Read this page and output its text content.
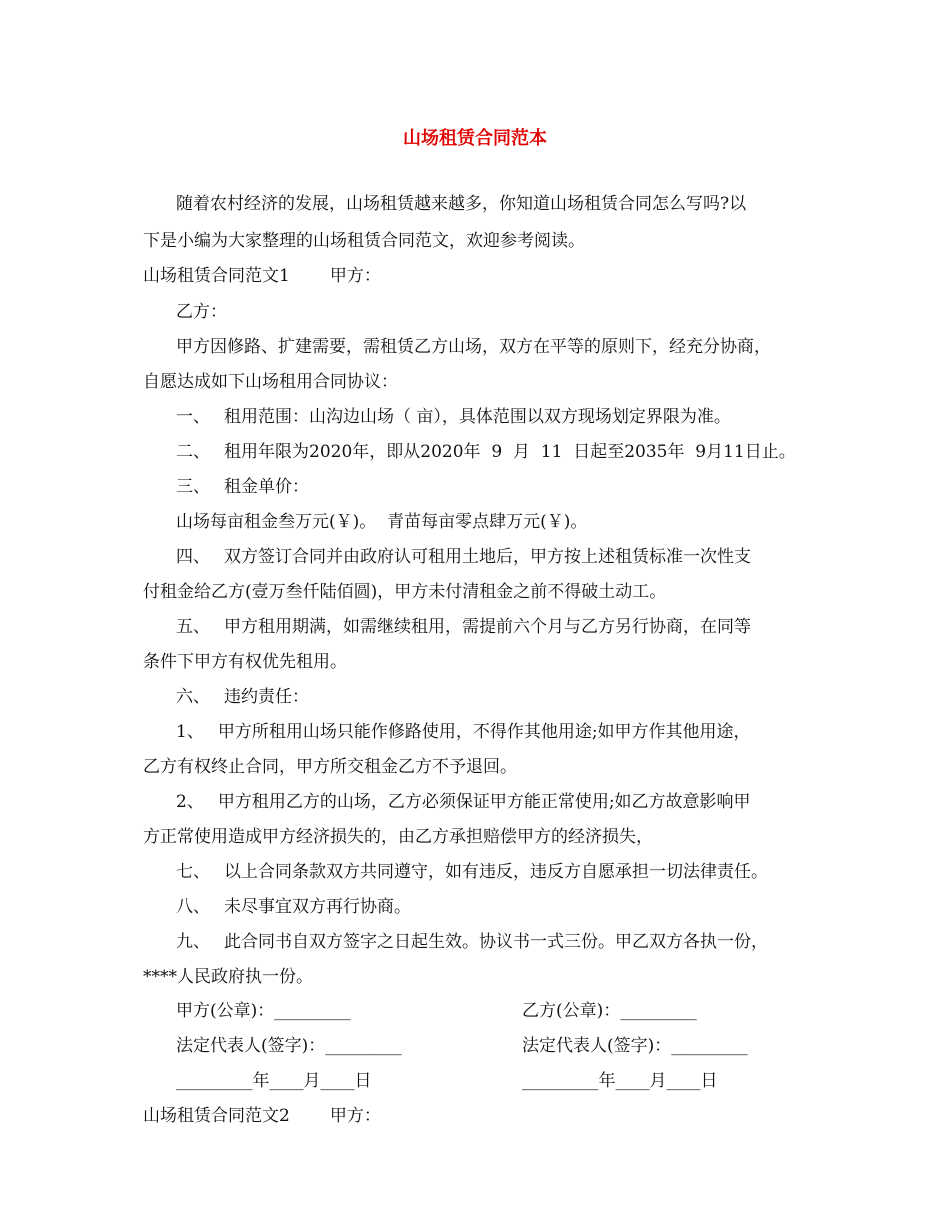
山场租赁合同范本
随着农村经济的发展，山场租赁越来越多，你知道山场租赁合同怎么写吗?以
下是小编为大家整理的山场租赁合同范文，欢迎参考阅读。
山场租赁合同范文1 甲方：
乙方：
甲方因修路、扩建需要，需租赁乙方山场，双方在平等的原则下，经充分协商，
自愿达成如下山场租用合同协议：
一、 租用范围：山沟边山场（ 亩），具体范围以双方现场划定界限为准。
二、 租用年限为2020年，即从2020年  9  月  11  日起至2035年  9月11日止。
三、 租金单价：
山场每亩租金叁万元(￥)。  青苗每亩零点肆万元(￥)。
四、 双方签订合同并由政府认可租用土地后，甲方按上述租赁标准一次性支
付租金给乙方(壹万叁仟陆佰圆)，甲方未付清租金之前不得破土动工。
五、 甲方租用期满，如需继续租用，需提前六个月与乙方另行协商，在同等
条件下甲方有权优先租用。
六、 违约责任：
1、 甲方所租用山场只能作修路使用，不得作其他用途;如甲方作其他用途，
乙方有权终止合同，甲方所交租金乙方不予退回。
2、 甲方租用乙方的山场，乙方必须保证甲方能正常使用;如乙方故意影响甲
方正常使用造成甲方经济损失的，由乙方承担赔偿甲方的经济损失，
七、 以上合同条款双方共同遵守，如有违反，违反方自愿承担一切法律责任。
八、 未尽事宜双方再行协商。
九、 此合同书自双方签字之日起生效。协议书一式三份。甲乙双方各执一份，
****人民政府执一份。
甲方(公章)：_________	乙方(公章)：_________
法定代表人(签字)：_________	法定代表人(签字)：_________
_________年____月____日	_________年____月____日
山场租赁合同范文2 甲方：
